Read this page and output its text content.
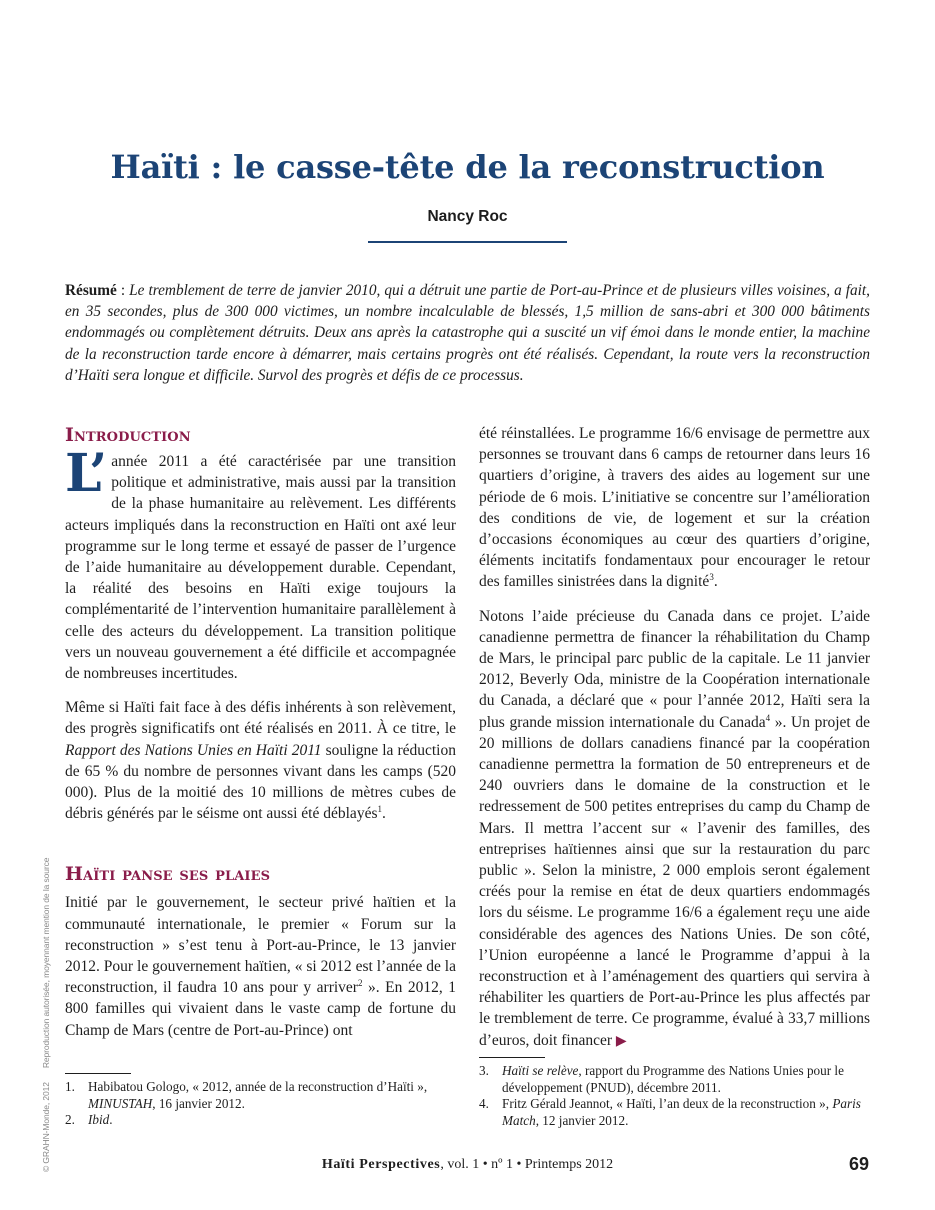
Haïti : le casse-tête de la reconstruction
Nancy Roc
Résumé : Le tremblement de terre de janvier 2010, qui a détruit une partie de Port-au-Prince et de plusieurs villes voisines, a fait, en 35 secondes, plus de 300 000 victimes, un nombre incalculable de blessés, 1,5 million de sans-abri et 300 000 bâtiments endommagés ou complètement détruits. Deux ans après la catastrophe qui a suscité un vif émoi dans le monde entier, la machine de la reconstruction tarde encore à démarrer, mais certains progrès ont été réalisés. Cependant, la route vers la reconstruction d’Haïti sera longue et difficile. Survol des progrès et défis de ce processus.
Introduction

L’ année 2011 a été caractérisée par une transition politique et administrative, mais aussi par la transition de la phase humanitaire au relèvement. Les différents acteurs impliqués dans la reconstruction en Haïti ont axé leur programme sur le long terme et essayé de passer de l’urgence de l’aide humanitaire au développement durable. Cependant, la réalité des besoins en Haïti exige toujours la complémentarité de l’intervention humanitaire parallèlement à celle des acteurs du développement. La transition politique vers un nouveau gouvernement a été difficile et accompagnée de nombreuses incertitudes.

Même si Haïti fait face à des défis inhérents à son relèvement, des progrès significatifs ont été réalisés en 2011. À ce titre, le Rapport des Nations Unies en Haïti 2011 souligne la réduction de 65 % du nombre de personnes vivant dans les camps (520 000). Plus de la moitié des 10 millions de mètres cubes de débris générés par le séisme ont aussi été déblayés$^1$.

Haïti panse ses plaies

Initié par le gouvernement, le secteur privé haïtien et la communauté internationale, le premier « Forum sur la reconstruction » s’est tenu à Port-au-Prince, le 13 janvier 2012. Pour le gouvernement haïtien, « si 2012 est l’année de la reconstruction, il faudra 10 ans pour y arriver$^2$ ». En 2012, 1 800 familles qui vivaient dans le vaste camp de fortune du Champ de Mars (centre de Port-au-Prince) ont

été réinstallées. Le programme 16/6 envisage de permettre aux personnes se trouvant dans 6 camps de retourner dans leurs 16 quartiers d’origine, à travers des aides au logement sur une période de 6 mois. L’initiative se concentre sur l’amélioration des conditions de vie, de logement et sur la création d’occasions économiques au cœur des quartiers d’origine, éléments incitatifs fondamentaux pour encourager le retour des familles sinistrées dans la dignité$^3$.

Notons l’aide précieuse du Canada dans ce projet. L’aide canadienne permettra de financer la réhabilitation du Champ de Mars, le principal parc public de la capitale. Le 11 janvier 2012, Beverly Oda, ministre de la Coopération internationale du Canada, a déclaré que « pour l’année 2012, Haïti sera la plus grande mission internationale du Canada$^4$ ». Un projet de 20 millions de dollars canadiens financé par la coopération canadienne permettra la formation de 50 entrepreneurs et de 240 ouvriers dans le domaine de la construction et le redressement de 500 petites entreprises du camp du Champ de Mars. Il mettra l’accent sur « l’avenir des familles, des entreprises haïtiennes ainsi que sur la restauration du parc public ». Selon la ministre, 2 000 emplois seront également créés pour la remise en état de deux quartiers endommagés lors du séisme. Le programme 16/6 a également reçu une aide considérable des agences des Nations Unies. De son côté, l’Union européenne a lancé le Programme d’appui à la reconstruction et à l’aménagement des quartiers qui servira à réhabiliter les quartiers de Port-au-Prince les plus affectés par le tremblement de terre. Ce programme, évalué à 33,7 millions d’euros, doit financer ▶

1. Habibatou Gologo, « 2012, année de la reconstruction d’Haïti », MINUSTAH, 16 janvier 2012.
2. Ibid.
3. Haïti se relève, rapport du Programme des Nations Unies pour le développement (PNUD), décembre 2011.
4. Fritz Gérald Jeannot, « Haïti, l’an deux de la reconstruction », Paris Match, 12 janvier 2012.
© GRAHN-Monde, 2012Reproduction autorisée, moyennant mention de la source
Haïti Perspectives, vol. 1 • nº 1 • Printemps 2012	69
